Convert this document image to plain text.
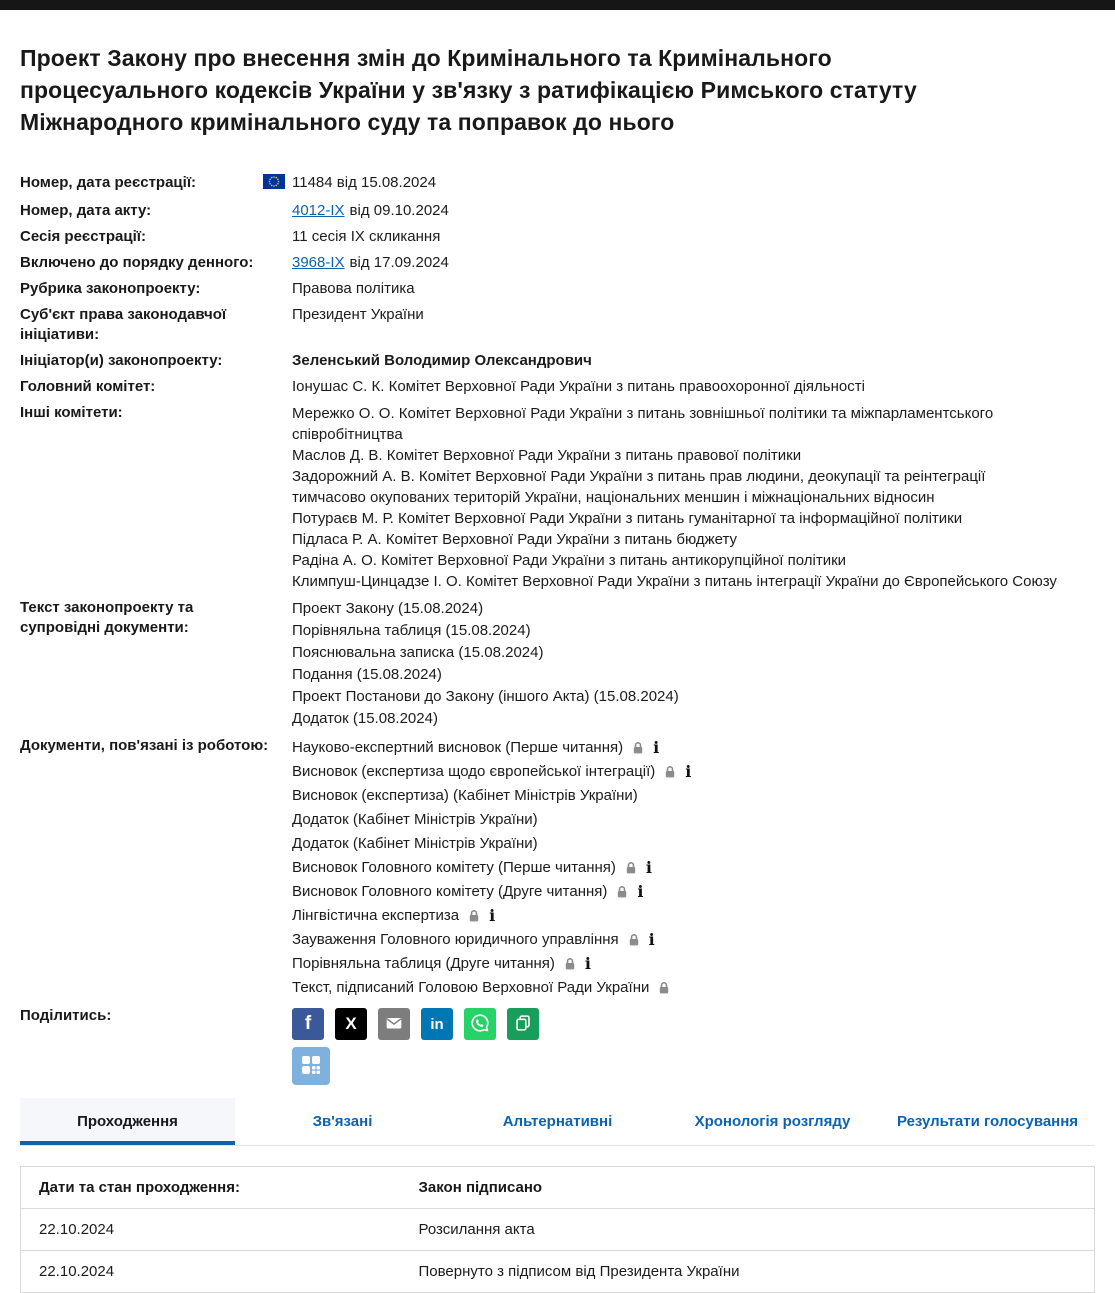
Проект Закону про внесення змін до Кримінального та Кримінального процесуального кодексів України у зв'язку з ратифікацією Римського статуту Міжнародного кримінального суду та поправок до нього
Номер, дата реєстрації:	11484 від 15.08.2024
Номер, дата акту:	4012-IX від 09.10.2024
Сесія реєстрації:	11 сесія IX скликання
Включено до порядку денного:	3968-IX від 17.09.2024
Рубрика законопроекту:	Правова політика
Суб'єкт права законодавчої ініціативи:
Президент України
Ініціатор(и) законопроекту:	Зеленський Володимир Олександрович
Головний комітет:	Іонушас С. К. Комітет Верховної Ради України з питань правоохоронної діяльності
Інші комітети:	Мережко О. О. Комітет Верховної Ради України з питань зовнішньої політики та міжпарламентського співробітництва
Маслов Д. В. Комітет Верховної Ради України з питань правової політики
Задорожний А. В. Комітет Верховної Ради України з питань прав людини, деокупації та реінтеграції тимчасово окупованих територій України, національних меншин і міжнаціональних відносин
Потураєв М. Р. Комітет Верховної Ради України з питань гуманітарної та інформаційної політики
Підласа Р. А. Комітет Верховної Ради України з питань бюджету
Радіна А. О. Комітет Верховної Ради України з питань антикорупційної політики
Климпуш-Цинцадзе І. О. Комітет Верховної Ради України з питань інтеграції України до Європейського Союзу
Текст законопроекту та супровідні документи:
Проект Закону (15.08.2024)
Порівняльна таблиця (15.08.2024)
Пояснювальна записка (15.08.2024)
Подання (15.08.2024)
Проект Постанови до Закону (іншого Акта) (15.08.2024)
Додаток (15.08.2024)
Документи, пов'язані із роботою:	Науково-експертний висновок (Перше читання) i
Висновок (експертиза щодо європейської інтеграції) i
Висновок (експертиза) (Кабінет Міністрів України)
Додаток (Кабінет Міністрів України)
Додаток (Кабінет Міністрів України)
Висновок Головного комітету (Перше читання) i
Висновок Головного комітету (Друге читання) i
Лінгвістична експертиза i
Зауваження Головного юридичного управління i
Порівняльна таблиця (Друге читання) i
Текст, підписаний Головою Верховної Ради України
Поділитись:	f X	in
Проходження	Зв'язані	Альтернативні	Хронологія розгляду	Результати голосування
Дати та стан проходження:	Закон підписано
22.10.2024	Розсилання акта
22.10.2024	Повернуто з підписом від Президента України
